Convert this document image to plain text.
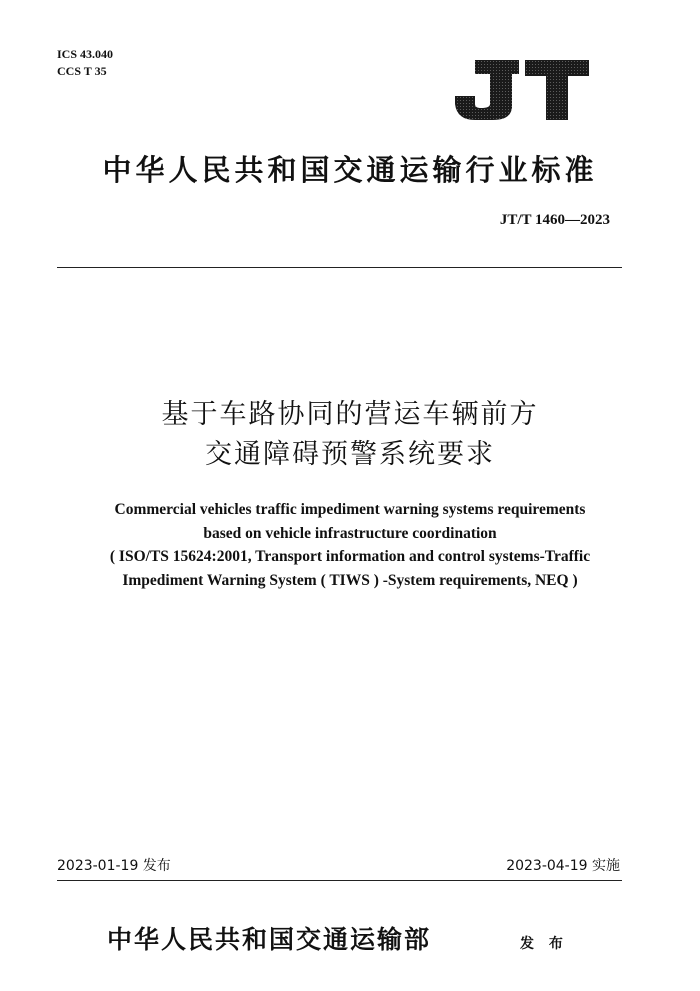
ICS 43.040
CCS T 35
JT
中华人民共和国交通运输行业标准
JT/T 1460—2023
基于车路协同的营运车辆前方
交通障碍预警系统要求
Commercial vehicles traffic impediment warning systems requirements
based on vehicle infrastructure coordination
( ISO/TS 15624:2001, Transport information and control systems-Traffic
Impediment Warning System ( TIWS ) -System requirements, NEQ )
2023-01-19 发布	2023-04-19 实施
中华人民共和国交通运输部	发 布
